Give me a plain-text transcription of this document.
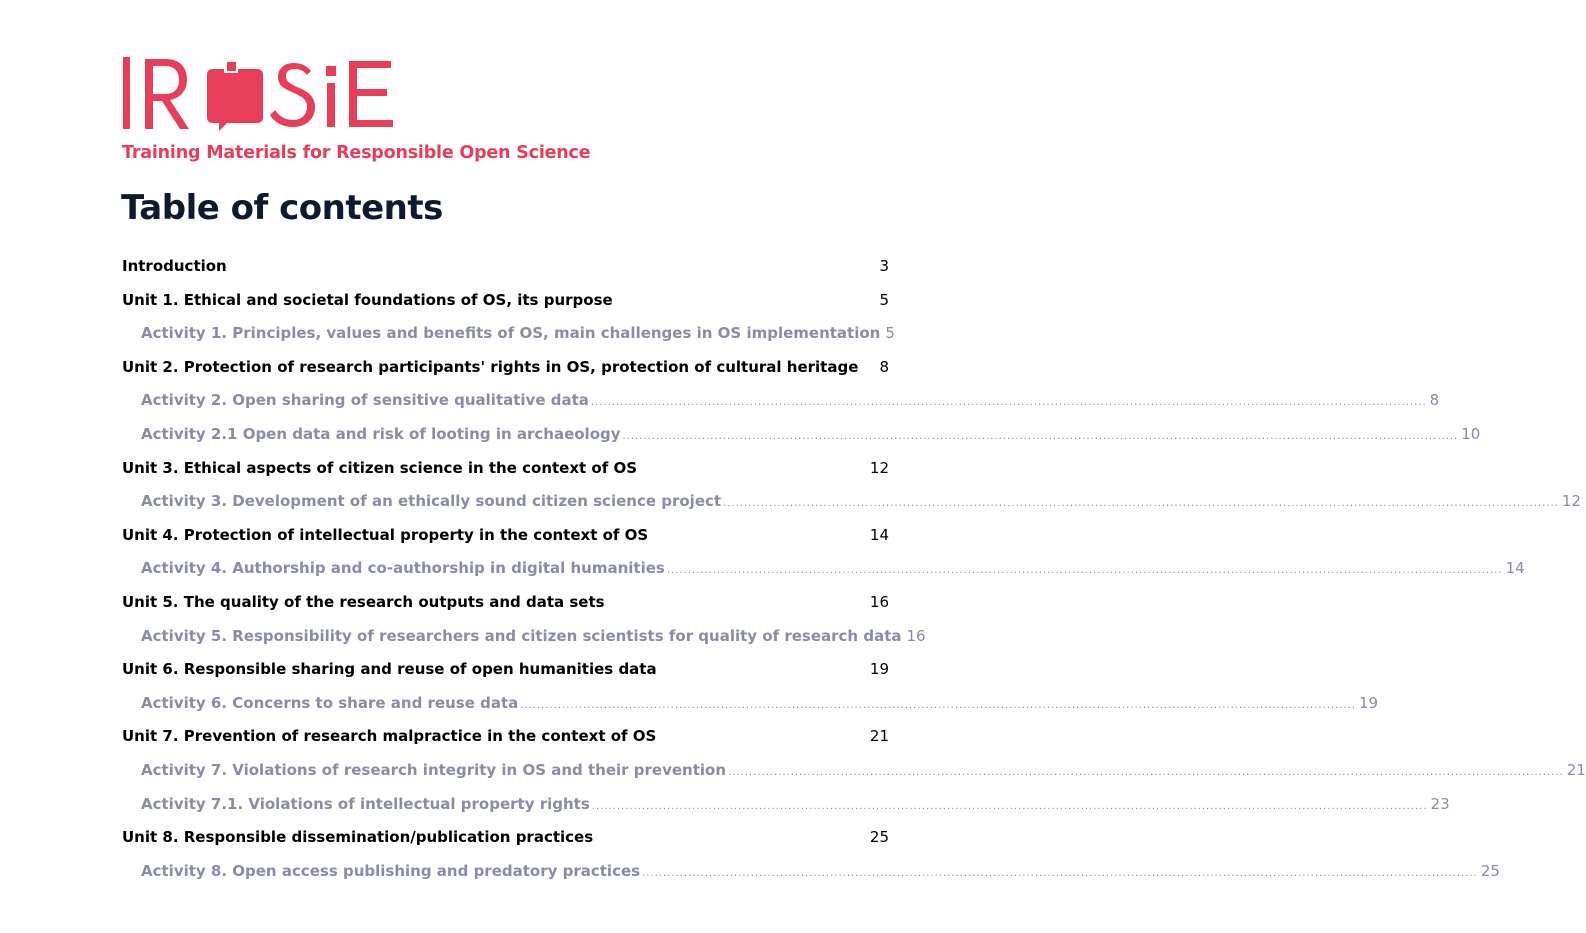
Training Materials for Responsible Open Science
Table of contents
Introduction	3
Unit 1. Ethical and societal foundations of OS, its purpose	5
Activity 1. Principles, values and benefits of OS, main challenges in OS implementation 5
Unit 2. Protection of research participants' rights in OS, protection of cultural heritage 8
Activity 2. Open sharing of sensitive qualitative data ........................................................................................................................................................................................................ 8
Activity 2.1 Open data and risk of looting in archaeology ........................................................................................................................................................................................................ 10
Unit 3. Ethical aspects of citizen science in the context of OS	12
Activity 3. Development of an ethically sound citizen science project ........................................................................................................................................................................................................ 12
Unit 4. Protection of intellectual property in the context of OS	14
Activity 4. Authorship and co-authorship in digital humanities ........................................................................................................................................................................................................ 14
Unit 5. The quality of the research outputs and data sets	16
Activity 5. Responsibility of researchers and citizen scientists for quality of research data 16
Unit 6. Responsible sharing and reuse of open humanities data	19
Activity 6. Concerns to share and reuse data ........................................................................................................................................................................................................ 19
Unit 7. Prevention of research malpractice in the context of OS	21
Activity 7. Violations of research integrity in OS and their prevention ........................................................................................................................................................................................................ 21
Activity 7.1. Violations of intellectual property rights ........................................................................................................................................................................................................ 23
Unit 8. Responsible dissemination/publication practices	25
Activity 8. Open access publishing and predatory practices ........................................................................................................................................................................................................ 25
